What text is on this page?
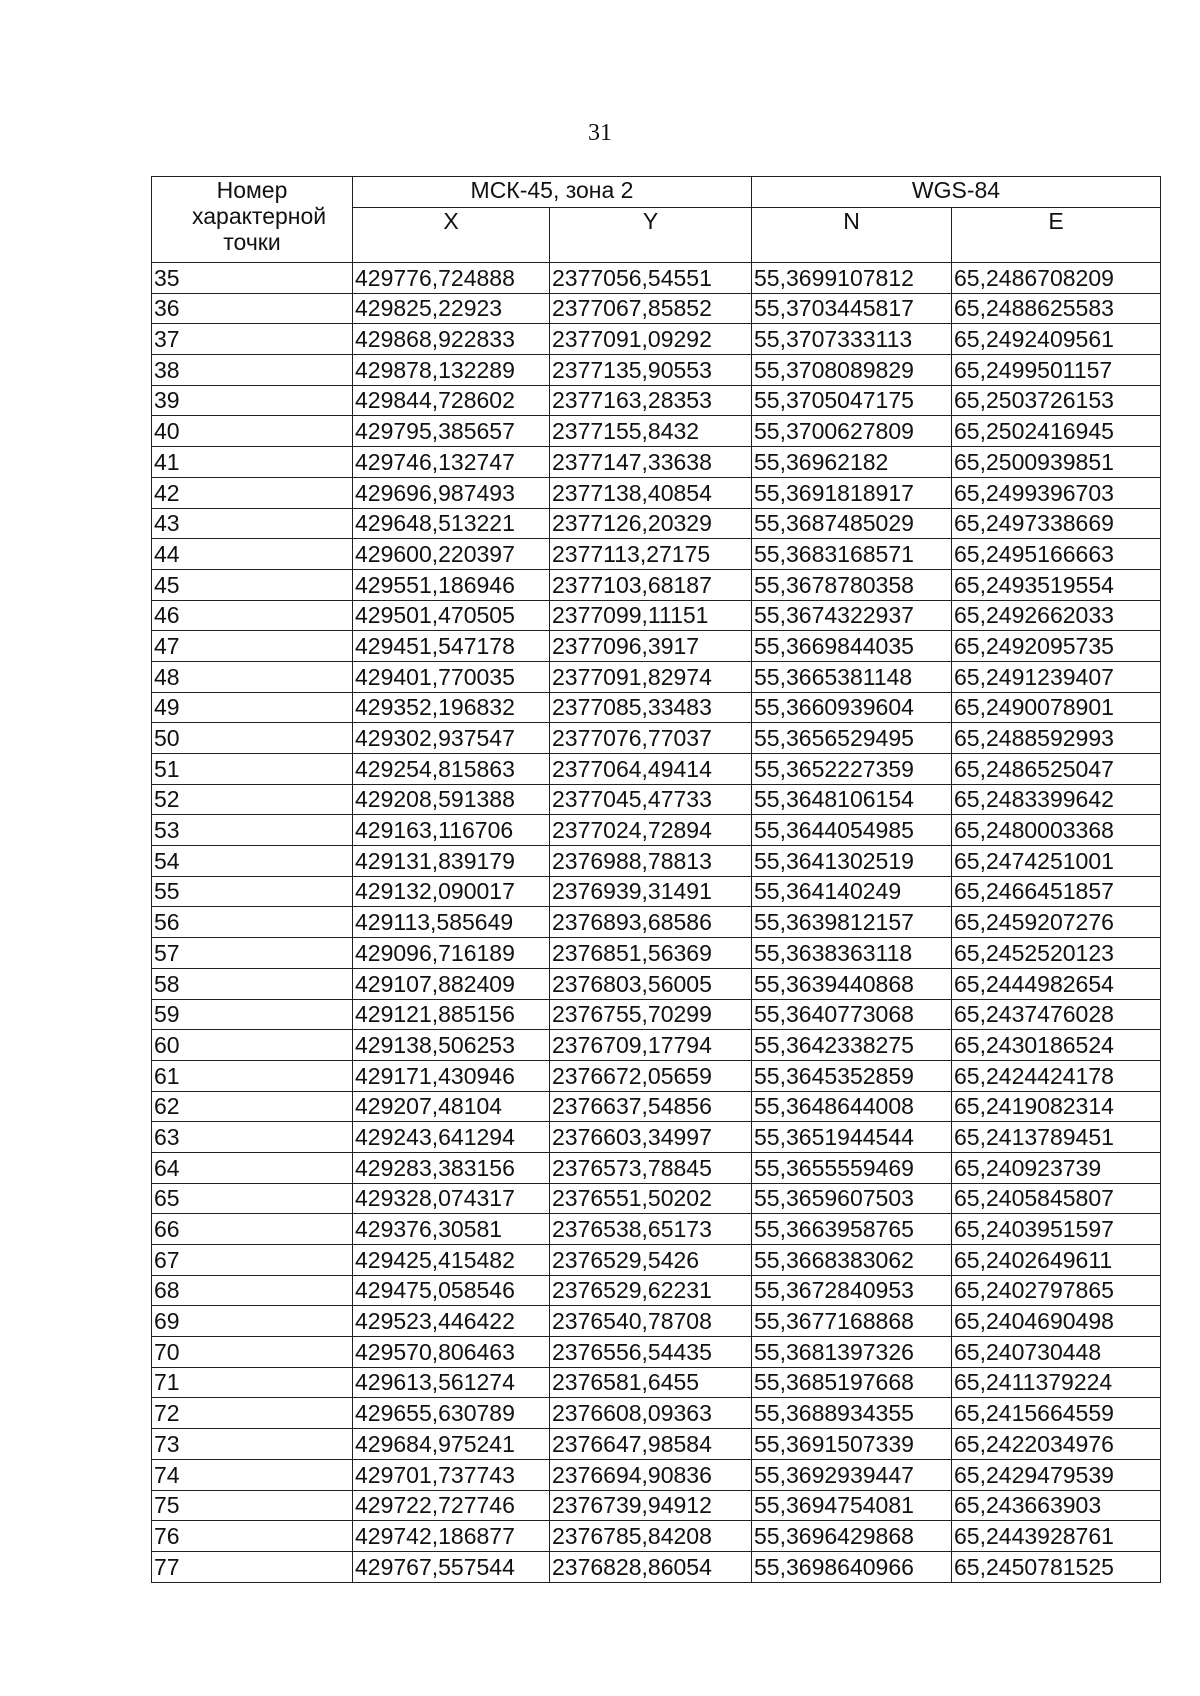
31
Номер характерной точки	МСК-45, зона 2		WGS-84	
	X	Y	N	E
35	429776,724888	2377056,54551	55,3699107812	65,2486708209
36	429825,22923	2377067,85852	55,3703445817	65,2488625583
37	429868,922833	2377091,09292	55,3707333113	65,2492409561
38	429878,132289	2377135,90553	55,3708089829	65,2499501157
39	429844,728602	2377163,28353	55,3705047175	65,2503726153
40	429795,385657	2377155,8432	55,3700627809	65,2502416945
41	429746,132747	2377147,33638	55,36962182	65,2500939851
42	429696,987493	2377138,40854	55,3691818917	65,2499396703
43	429648,513221	2377126,20329	55,3687485029	65,2497338669
44	429600,220397	2377113,27175	55,3683168571	65,2495166663
45	429551,186946	2377103,68187	55,3678780358	65,2493519554
46	429501,470505	2377099,11151	55,3674322937	65,2492662033
47	429451,547178	2377096,3917	55,3669844035	65,2492095735
48	429401,770035	2377091,82974	55,3665381148	65,2491239407
49	429352,196832	2377085,33483	55,3660939604	65,2490078901
50	429302,937547	2377076,77037	55,3656529495	65,2488592993
51	429254,815863	2377064,49414	55,3652227359	65,2486525047
52	429208,591388	2377045,47733	55,3648106154	65,2483399642
53	429163,116706	2377024,72894	55,3644054985	65,2480003368
54	429131,839179	2376988,78813	55,3641302519	65,2474251001
55	429132,090017	2376939,31491	55,364140249	65,2466451857
56	429113,585649	2376893,68586	55,3639812157	65,2459207276
57	429096,716189	2376851,56369	55,3638363118	65,2452520123
58	429107,882409	2376803,56005	55,3639440868	65,2444982654
59	429121,885156	2376755,70299	55,3640773068	65,2437476028
60	429138,506253	2376709,17794	55,3642338275	65,2430186524
61	429171,430946	2376672,05659	55,3645352859	65,2424424178
62	429207,48104	2376637,54856	55,3648644008	65,2419082314
63	429243,641294	2376603,34997	55,3651944544	65,2413789451
64	429283,383156	2376573,78845	55,3655559469	65,240923739
65	429328,074317	2376551,50202	55,3659607503	65,2405845807
66	429376,30581	2376538,65173	55,3663958765	65,2403951597
67	429425,415482	2376529,5426	55,3668383062	65,2402649611
68	429475,058546	2376529,62231	55,3672840953	65,2402797865
69	429523,446422	2376540,78708	55,3677168868	65,2404690498
70	429570,806463	2376556,54435	55,3681397326	65,240730448
71	429613,561274	2376581,6455	55,3685197668	65,2411379224
72	429655,630789	2376608,09363	55,3688934355	65,2415664559
73	429684,975241	2376647,98584	55,3691507339	65,2422034976
74	429701,737743	2376694,90836	55,3692939447	65,2429479539
75	429722,727746	2376739,94912	55,3694754081	65,243663903
76	429742,186877	2376785,84208	55,3696429868	65,2443928761
77	429767,557544	2376828,86054	55,3698640966	65,2450781525
